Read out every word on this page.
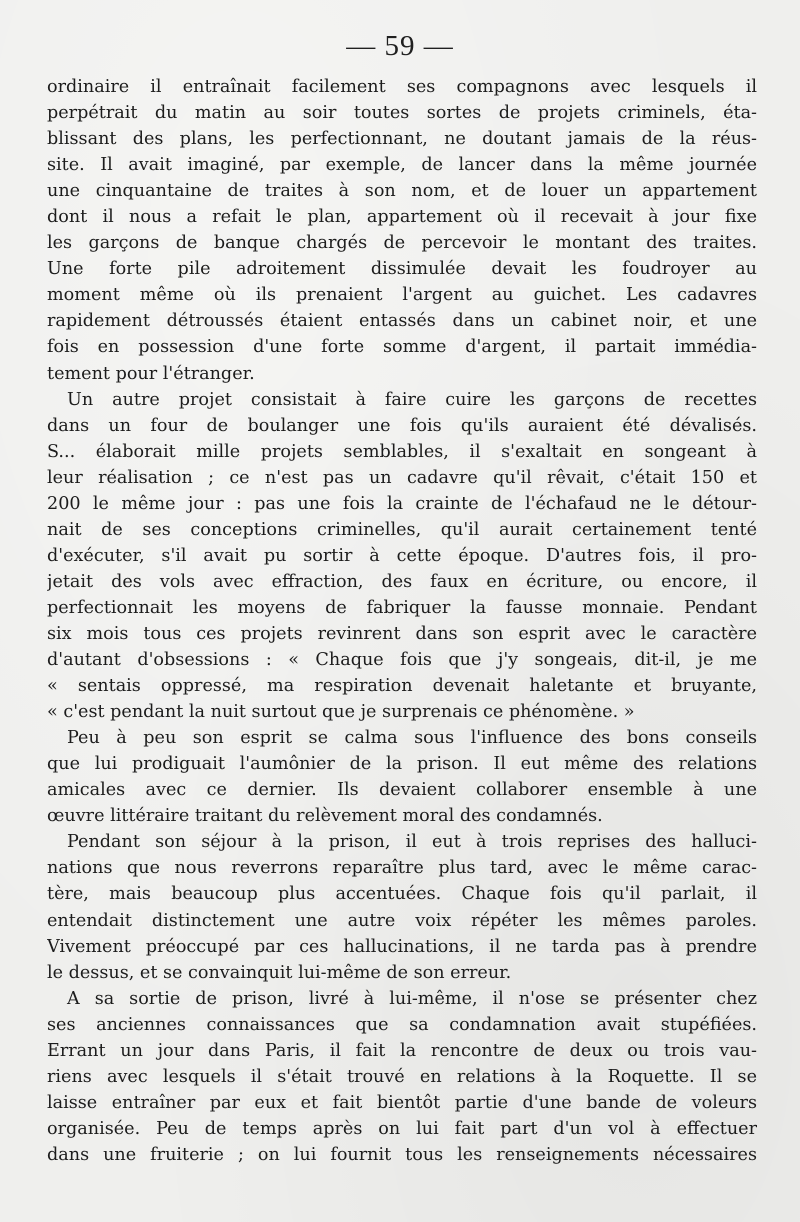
— 59 —
ordinaire il entraînait facilement ses compagnons avec lesquels il
perpétrait du matin au soir toutes sortes de projets criminels, éta-
blissant des plans, les perfectionnant, ne doutant jamais de la réus-
site. Il avait imaginé, par exemple, de lancer dans la même journée
une cinquantaine de traites à son nom, et de louer un appartement
dont il nous a refait le plan, appartement où il recevait à jour fixe
les garçons de banque chargés de percevoir le montant des traites.
Une forte pile adroitement dissimulée devait les foudroyer au
moment même où ils prenaient l'argent au guichet. Les cadavres
rapidement détroussés étaient entassés dans un cabinet noir, et une
fois en possession d'une forte somme d'argent, il partait immédia-
tement pour l'étranger.
Un autre projet consistait à faire cuire les garçons de recettes
dans un four de boulanger une fois qu'ils auraient été dévalisés.
S... élaborait mille projets semblables, il s'exaltait en songeant à
leur réalisation ; ce n'est pas un cadavre qu'il rêvait, c'était 150 et
200 le même jour : pas une fois la crainte de l'échafaud ne le détour-
nait de ses conceptions criminelles, qu'il aurait certainement tenté
d'exécuter, s'il avait pu sortir à cette époque. D'autres fois, il pro-
jetait des vols avec effraction, des faux en écriture, ou encore, il
perfectionnait les moyens de fabriquer la fausse monnaie. Pendant
six mois tous ces projets revinrent dans son esprit avec le caractère
d'autant d'obsessions : « Chaque fois que j'y songeais, dit-il, je me
« sentais oppressé, ma respiration devenait haletante et bruyante,
« c'est pendant la nuit surtout que je surprenais ce phénomène. »
Peu à peu son esprit se calma sous l'influence des bons conseils
que lui prodiguait l'aumônier de la prison. Il eut même des relations
amicales avec ce dernier. Ils devaient collaborer ensemble à une
œuvre littéraire traitant du relèvement moral des condamnés.
Pendant son séjour à la prison, il eut à trois reprises des halluci-
nations que nous reverrons reparaître plus tard, avec le même carac-
tère, mais beaucoup plus accentuées. Chaque fois qu'il parlait, il
entendait distinctement une autre voix répéter les mêmes paroles.
Vivement préoccupé par ces hallucinations, il ne tarda pas à prendre
le dessus, et se convainquit lui-même de son erreur.
A sa sortie de prison, livré à lui-même, il n'ose se présenter chez
ses anciennes connaissances que sa condamnation avait stupéfiées.
Errant un jour dans Paris, il fait la rencontre de deux ou trois vau-
riens avec lesquels il s'était trouvé en relations à la Roquette. Il se
laisse entraîner par eux et fait bientôt partie d'une bande de voleurs
organisée. Peu de temps après on lui fait part d'un vol à effectuer
dans une fruiterie ; on lui fournit tous les renseignements nécessaires
